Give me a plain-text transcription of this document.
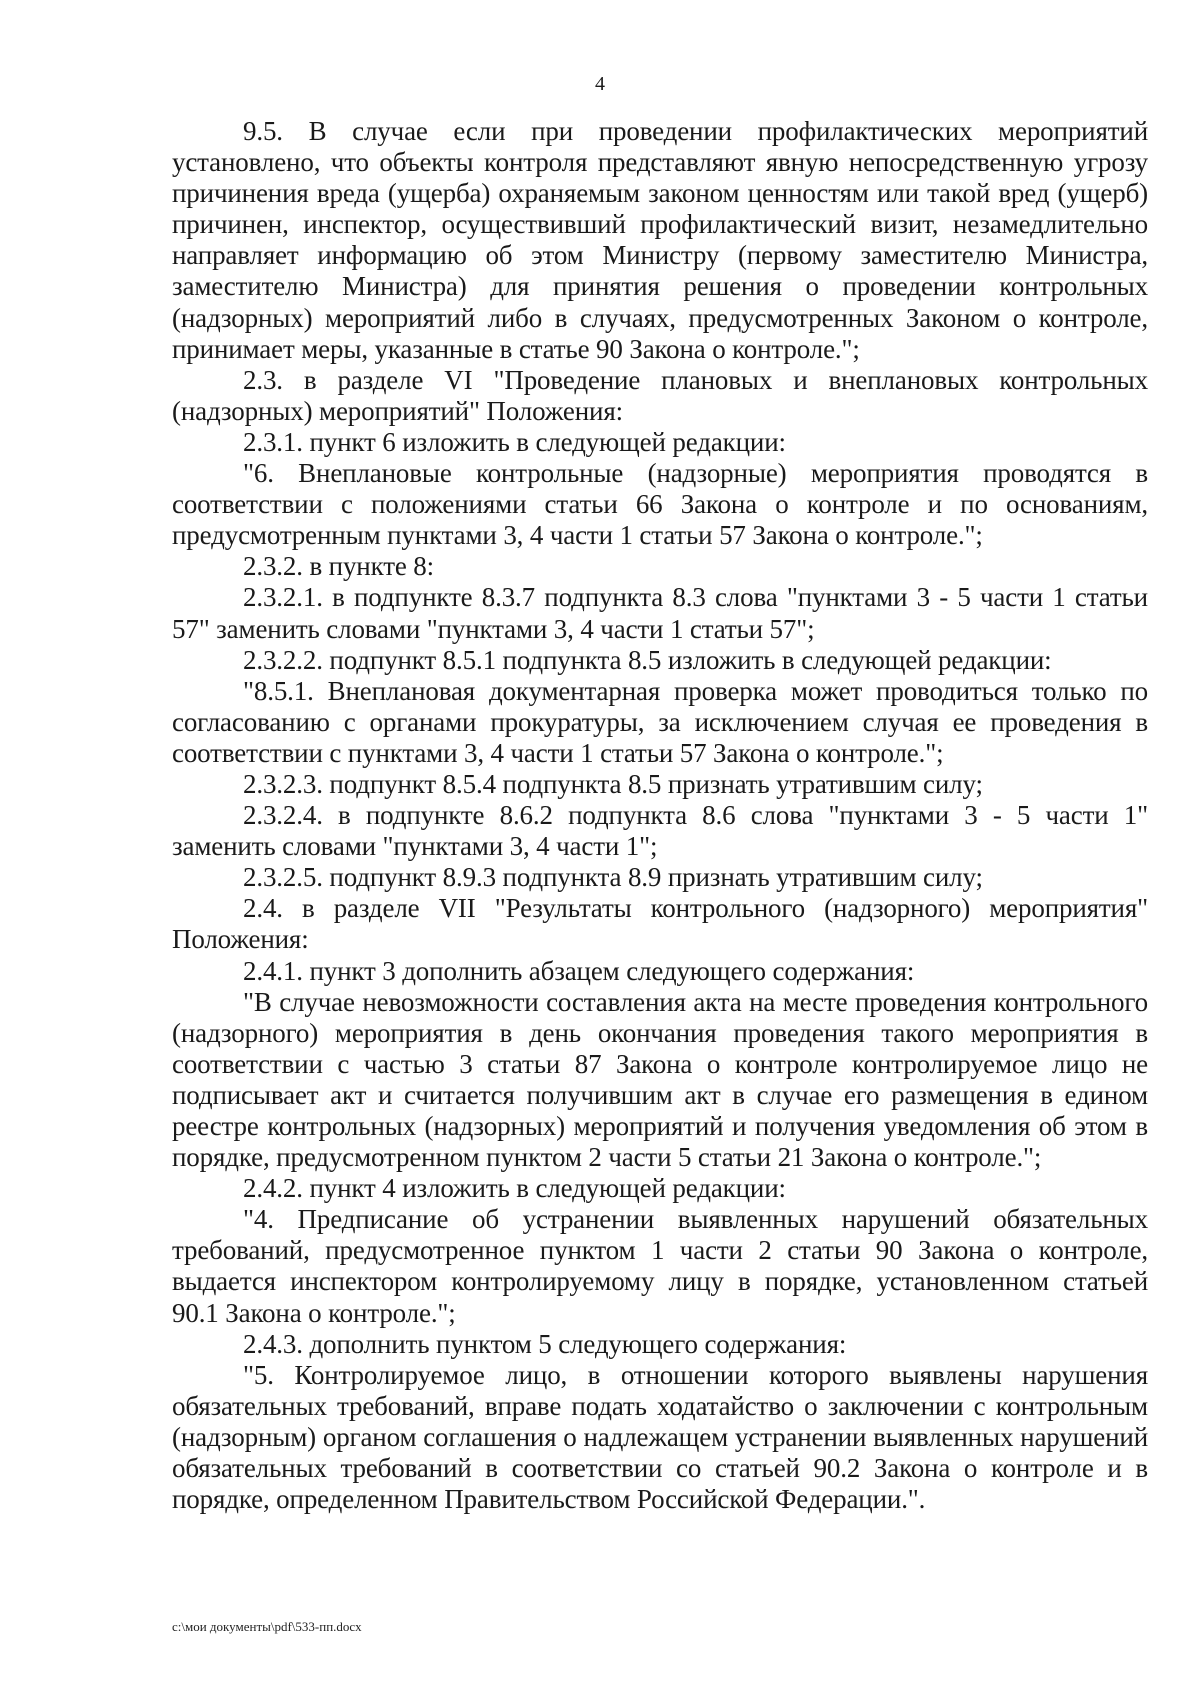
4

9.5. В случае если при проведении профилактических мероприятий установлено, что объекты контроля представляют явную непосредственную угрозу причинения вреда (ущерба) охраняемым законом ценностям или такой вред (ущерб) причинен, инспектор, осуществивший профилактический визит, незамедлительно направляет информацию об этом Министру (первому заместителю Министра, заместителю Министра) для принятия решения о проведении контрольных (надзорных) мероприятий либо в случаях, предусмотренных Законом о контроле, принимает меры, указанные в статье 90 Закона о контроле.";

2.3. в разделе VI "Проведение плановых и внеплановых контрольных (надзорных) мероприятий" Положения:

2.3.1. пункт 6 изложить в следующей редакции:

"6. Внеплановые контрольные (надзорные) мероприятия проводятся в соответствии с положениями статьи 66 Закона о контроле и по основаниям, предусмотренным пунктами 3, 4 части 1 статьи 57 Закона о контроле.";

2.3.2. в пункте 8:

2.3.2.1. в подпункте 8.3.7 подпункта 8.3 слова "пунктами 3 - 5 части 1 статьи 57" заменить словами "пунктами 3, 4 части 1 статьи 57";

2.3.2.2. подпункт 8.5.1 подпункта 8.5 изложить в следующей редакции:

"8.5.1. Внеплановая документарная проверка может проводиться только по согласованию с органами прокуратуры, за исключением случая ее проведения в соответствии с пунктами 3, 4 части 1 статьи 57 Закона о контроле.";

2.3.2.3. подпункт 8.5.4 подпункта 8.5 признать утратившим силу;

2.3.2.4. в подпункте 8.6.2 подпункта 8.6 слова "пунктами 3 - 5 части 1" заменить словами "пунктами 3, 4 части 1";

2.3.2.5. подпункт 8.9.3 подпункта 8.9 признать утратившим силу;

2.4. в разделе VII "Результаты контрольного (надзорного) мероприятия" Положения:

2.4.1. пункт 3 дополнить абзацем следующего содержания:

"В случае невозможности составления акта на месте проведения контрольного (надзорного) мероприятия в день окончания проведения такого мероприятия в соответствии с частью 3 статьи 87 Закона о контроле контролируемое лицо не подписывает акт и считается получившим акт в случае его размещения в едином реестре контрольных (надзорных) мероприятий и получения уведомления об этом в порядке, предусмотренном пунктом 2 части 5 статьи 21 Закона о контроле.";

2.4.2. пункт 4 изложить в следующей редакции:

"4. Предписание об устранении выявленных нарушений обязательных требований, предусмотренное пунктом 1 части 2 статьи 90 Закона о контроле, выдается инспектором контролируемому лицу в порядке, установленном статьей 90.1 Закона о контроле.";

2.4.3. дополнить пунктом 5 следующего содержания:

"5. Контролируемое лицо, в отношении которого выявлены нарушения обязательных требований, вправе подать ходатайство о заключении с контрольным (надзорным) органом соглашения о надлежащем устранении выявленных нарушений обязательных требований в соответствии со статьей 90.2 Закона о контроле и в порядке, определенном Правительством Российской Федерации.".

c:\мои документы\pdf\533-пп.docx
